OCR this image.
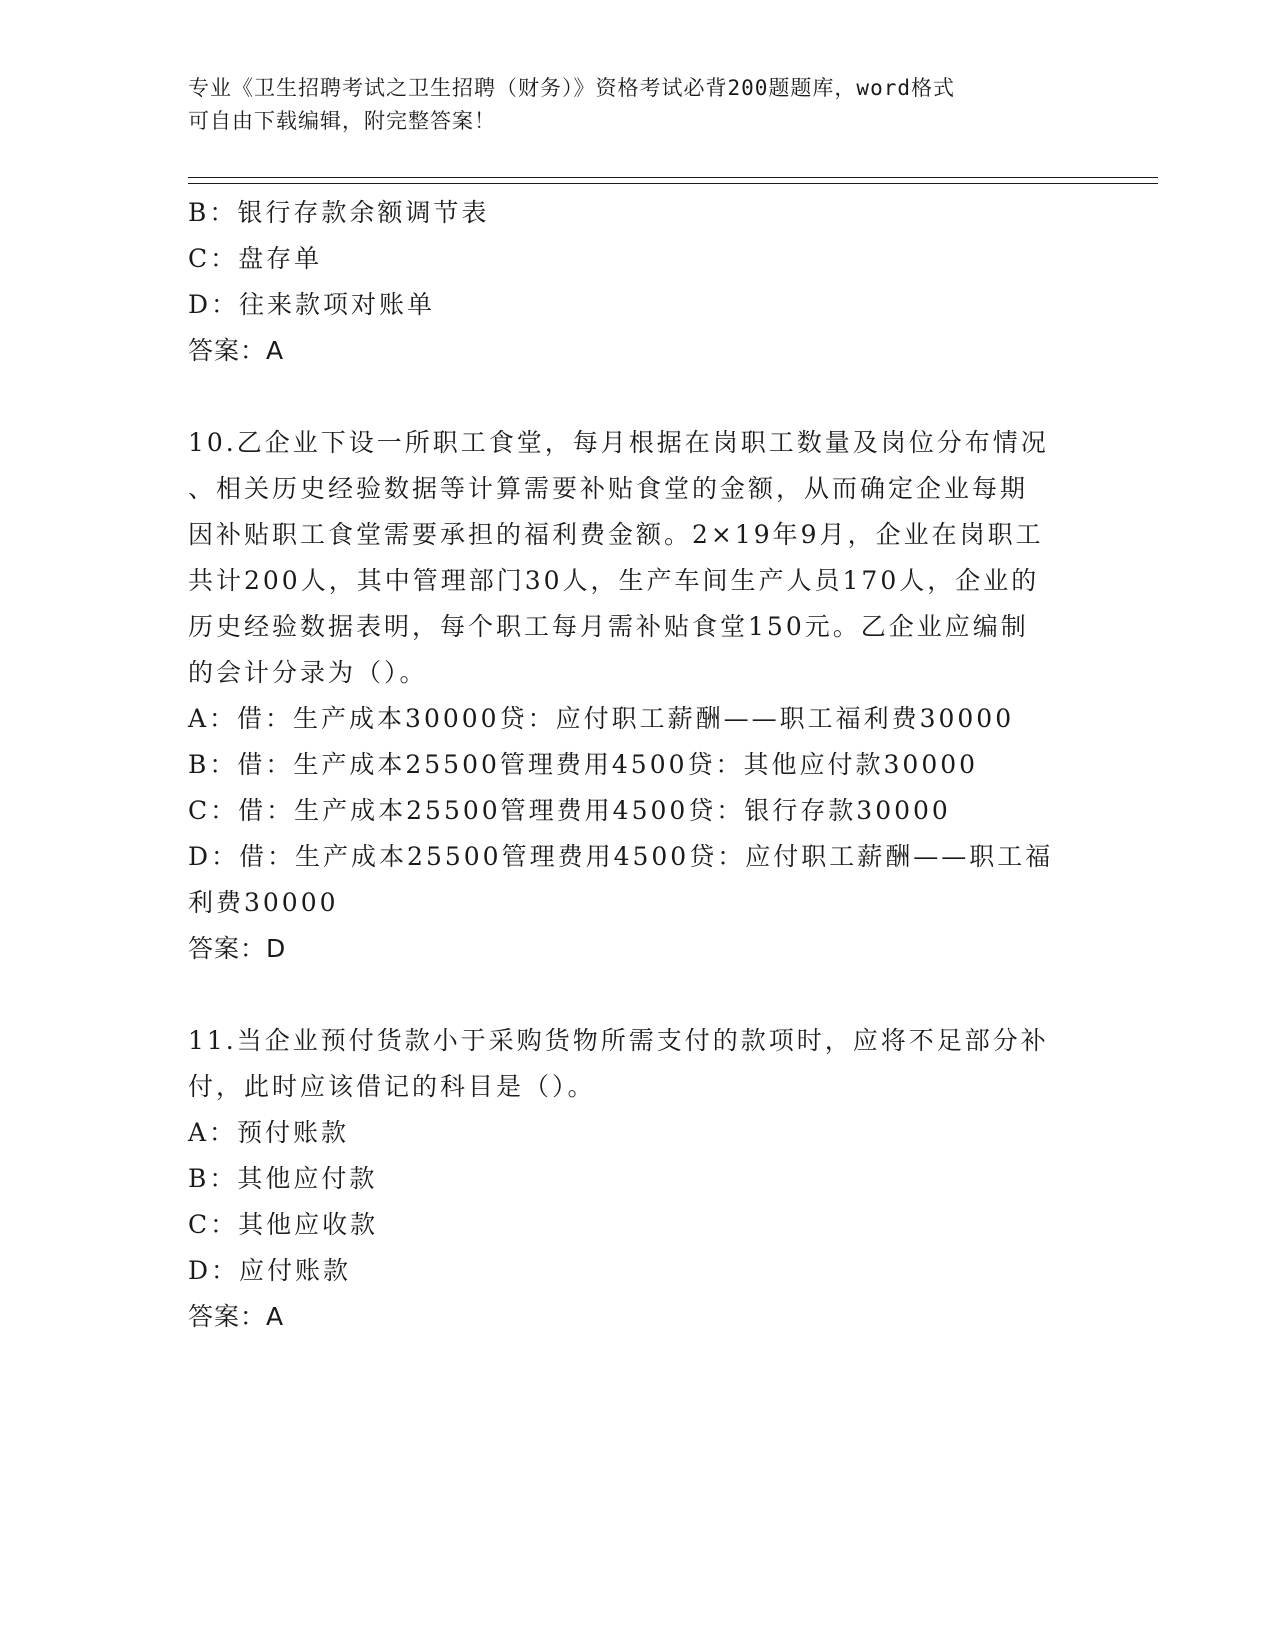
专业《卫生招聘考试之卫生招聘（财务）》资格考试必背200题题库，word格式
可自由下载编辑，附完整答案！

B：银行存款余额调节表

C：盘存单

D：往来款项对账单

答案：A

10.乙企业下设一所职工食堂，每月根据在岗职工数量及岗位分布情况

、相关历史经验数据等计算需要补贴食堂的金额，从而确定企业每期

因补贴职工食堂需要承担的福利费金额。2×19年9月，企业在岗职工

共计200人，其中管理部门30人，生产车间生产人员170人，企业的

历史经验数据表明，每个职工每月需补贴食堂150元。乙企业应编制

的会计分录为（）。

A：借：生产成本30000贷：应付职工薪酬——职工福利费30000

B：借：生产成本25500管理费用4500贷：其他应付款30000

C：借：生产成本25500管理费用4500贷：银行存款30000

D：借：生产成本25500管理费用4500贷：应付职工薪酬——职工福

利费30000

答案：D

11.当企业预付货款小于采购货物所需支付的款项时，应将不足部分补

付，此时应该借记的科目是（）。

A：预付账款

B：其他应付款

C：其他应收款

D：应付账款

答案：A
